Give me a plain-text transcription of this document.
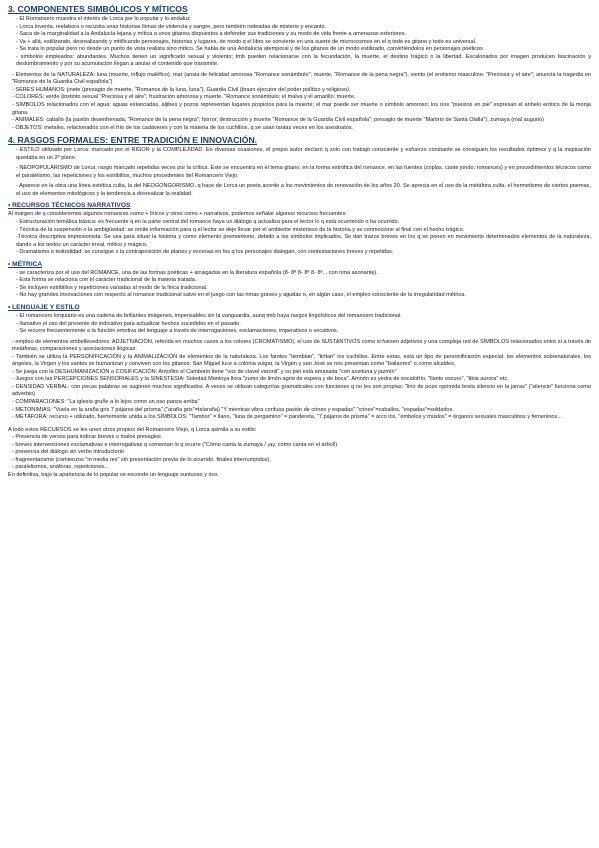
3. COMPONENTES SIMBÓLICOS Y MÍTICOS
- El Romancero muestra el interés de Lorca por lo popular y lo andaluz.
- Lorca inventa, reelabora o recusita unas historias llenas de violencia y sangre, pero también rodeadas de misterio y encanto.
- Saca de la marginalidad a la Andalucía lejana y mítica a unos gitanos dispuestos a defender sus tradiciones y su modo de vida frente a amenazas exteriores.
- Va + allá, estilizando, desrealizando y mitificando personajes, historias y lugares, de modo q el libro se convierte en una suerte de microcosmos en el q todo es gitano y todo es universal.
- Se trata lo popular pero no desde un punto de vista realista sino mítico. Se habla de una Andalucía atemporal y de los gitanos de un modo estilizado, convirtiéndolos en personajes poéticos
- símbolos empleados: abundantes. Muchos tienen un significado sexual y violento; tmb pueden relacionarse con la fecundación, la muerte, el destino trágico o la libertad. Escalonados por imagen producen fascinación y deslumbramiento y por su acumulación llegan a anular el contenido que transmite.
- Elementos de la NATURALEZA: luna (muerte, influjo maléfico), mar (ansia de felicidad amorosa "Romance sonámbulo"; muerte, "Romance de la pena negra"), viento (el erotismo masculino: "Preciosa y el aire"; anuncia la tragedia en "Romance de la Guardia Civil española")
- SERES HUMANOS: jinete (presagio de muerte, "Romance de la luna, luna"), Guardia Civil (brazo ejecutor del poder político y religioso).
- COLORES: verde (instinto sexual "Preciosa y el aire"; frustración amorosa y muerte, "Romance sonámbulo; el malva y el amarillo: muerte.
- SÍMBOLOS relacionados con el agua: aguas estancadas, aljibes y pozos representan lugares propicios para la muerte; el mar puede ser muerte o símbolo amoroso; los ríos "puestos en pie" expresan el anhelo erótico de la monja gitana.
- ANIMALES: caballo (la pasión desenfrenada, "Romance de la pena negra"; horror, destrucción y muerte "Romance de la Guardia Civil española"; presagio de muerte "Martirio de Santa Olalla"), zumaya (mal augurio)
- OBJETOS: metales, relacionados con el frío de los cadáveres y con la materia de los cuchillos, q se usan tantas veces en los asesinatos.
4. RASGOS FORMALES: ENTRE TRADICIÓN E INNOVACIÓN.
- ESTILO utilizado por Lorca: marcado por el RIGOR y la COMPLEJIDAD. En diversas ocasiones, el propio autor declaró q solo con trabajo consciente y esfuerzo constante se consiguen los resultados óptimos y q la inspiración quedaba en un 2º plano.
- NEOPOPULARISMO de Lorca, rasgo marcado repetidas veces por la crítica. Este se encuentra en el tema gitano, en la forma estrófica del romance, en las fuentes (coplas, cante jondo, romances) y en procedimientos técnicos como el paralelismo, las repeticiones y los estribillos, muchos procedentes del Romancero Viejo.
- Aparece en la obra una línea estética culta, la del NEOGONGORISMO, q hace de Lorca un poeta acorde a los movimientos de renovación de los años 20. Se aprecia en el uso de la metáfora culta, el hermetismo de ciertos poemas, el uso de elementos mitológicos y la tendencia a desrealizar la realidad.
• RECURSOS TÉCNICOS NARRATIVOS

Al margen de q consideremos algunos romances como + líricos y otros como + narrativos, podemos señalar algunos recursos frecuentes:

- Estructuración temática básica: es frecuente q en la parte central del romance haya un diálogo q actualiza para el lector lo q está ocurriendo o ha ocurrido.
- Técnica de la suspensión o la ambigüedad: se omite información para q el lector se deje llevar por el ambiente misterioso de la historia y se conmocione al final con el hecho trágico.
-Técnica descriptiva impresionista: Se usa para situar la historia y como elemento premonitorio, debido a los símbolos implicados. Se dan trazos breves en los q se ponen en movimiento determinados elementos de la naturaleza, dando a los textos un carácter irreal, mítico y mágico.
- Dramatismo o teatralidad: se consigue x la contraposición de planos y escenas en los q los personajes dialogan, con contestaciones breves y repetidas.
• MÉTRICA
- se caracteriza por el uso del ROMANCE, una de las formas poéticas + arraigadas en la literatura española (8- 8ª 8- 8ª 8- 8ª... con rima asonante).
- Esta forma se relaciona con el carácter tradicional de la materia tratada.
- Se incluyen estribillos y repeticiones variadas al modo de la lírica tradicional.
- No hay grandes innovaciones con respecto al romance tradicional salvo en el juego con las rimas graves y agudas o, en algún caso, el empleo consciente de la irregularidad métrica.
• LENGUAJE Y ESTILO
- El romancero lorquiano es una cadena de brillantes imágenes, impensables sin la vanguardia, aunq tmb haya rasgos lingüísticos del romancero tradicional.
- llamativo el uso del presente de indicativo para actualizar hechos sucedidos en el pasado.
- Se recurre frecuentemente a la función emotiva del lenguaje a través de interrogaciones, exclamaciones, imperativos o vocativos.
- empleo de elementos embellecedores: ADJETIVACIÓN, referida en muchos casos a los colores (CROMATISMO), el uso de SUSTANTIVOS como si fuesen adjetivos y una compleja red de SÍMBOLOS relacionados entre sí a través de metáforas, comparaciones y asociaciones ilógicas.
- También se utiliza la PERSONIFICACIÓN y la ANIMALIZACIÓN de elementos de la naturaleza. Los faroles "tiemblan", "tiritan" los cuchillos. Entre estas, está un tipo de personificación especial: los elementos sobrenaturales, los ángeles, la Virgen y los santos se humanizan y conviven con los gitanos: San Miguel luce a colonia vulgar, la Virgen y san José se nos presentan como "bailaores" o como alcaldes.
- Se juega con la DESHUMANIZACIÓN o COSIFICACIÓN: Antoñito el Camborio tiene "voz de clavel varonil" y su piel está amasada "con aceituna y jazmín"
- Juegos con las PERCEPCIONES SENSORIALES y la SINESTESIA: Soledad Montoya llora "zumo de limón agrio de espera y de boca". Amnón es yedra de escalofrío, "llanto oscuro", "tibia aurora" etc.
- DENSIDAD VERBAL: con pocas palabras se sugieren muchos significados. A veces se utilizan categorías gramaticales con funciones q no les son propias: "lirio de pozo oprimida brota silencio en la jarras" ("silencio" funciona como adverbio)
- COMPARACIONES: "La iglesia gruñe a lo lejos como un oso panza arriba"
- METONIMIAS: "Vuela en la araña gris 7 pájaros del prisma" ("araña gris"=telaraña) "Y mientras vibra confusa pasión de crines y espadas" "crines"=caballos, "espadas"=soldados.
- METÁFORA: recurso + utilizado, fuertemente unida a los SÍMBOLOS: "Tambor" = llano, "luna de pergamino" = pandereta, "7 pájaros de prisma" = arco iris, "émbolos y muslos" = órganos sexuales masculinos y femeninos...

A todo estos RECURSOS se les unen otros propios del Romancero Viejo, q Lorca asimila a su estilo:

- Presencia de versos para indicar breves o malos presagios
- breves intervenciones exclamativas e interrogativas q comentan lo q ocurre ("Cómo canta la zumaya / ¡ay, cómo canta en el árbol!)
- presencia del diálogo sin verbo introductorio
- fragmentarismo (comienzos "in media res" sin presentación previa de lo ocurrido, finales interrumpidos),
- paralelismos, anáforas, repeticiones...

En definitiva, bajo la apariencia de lo popular se esconde un lenguaje suntuoso y rico.
